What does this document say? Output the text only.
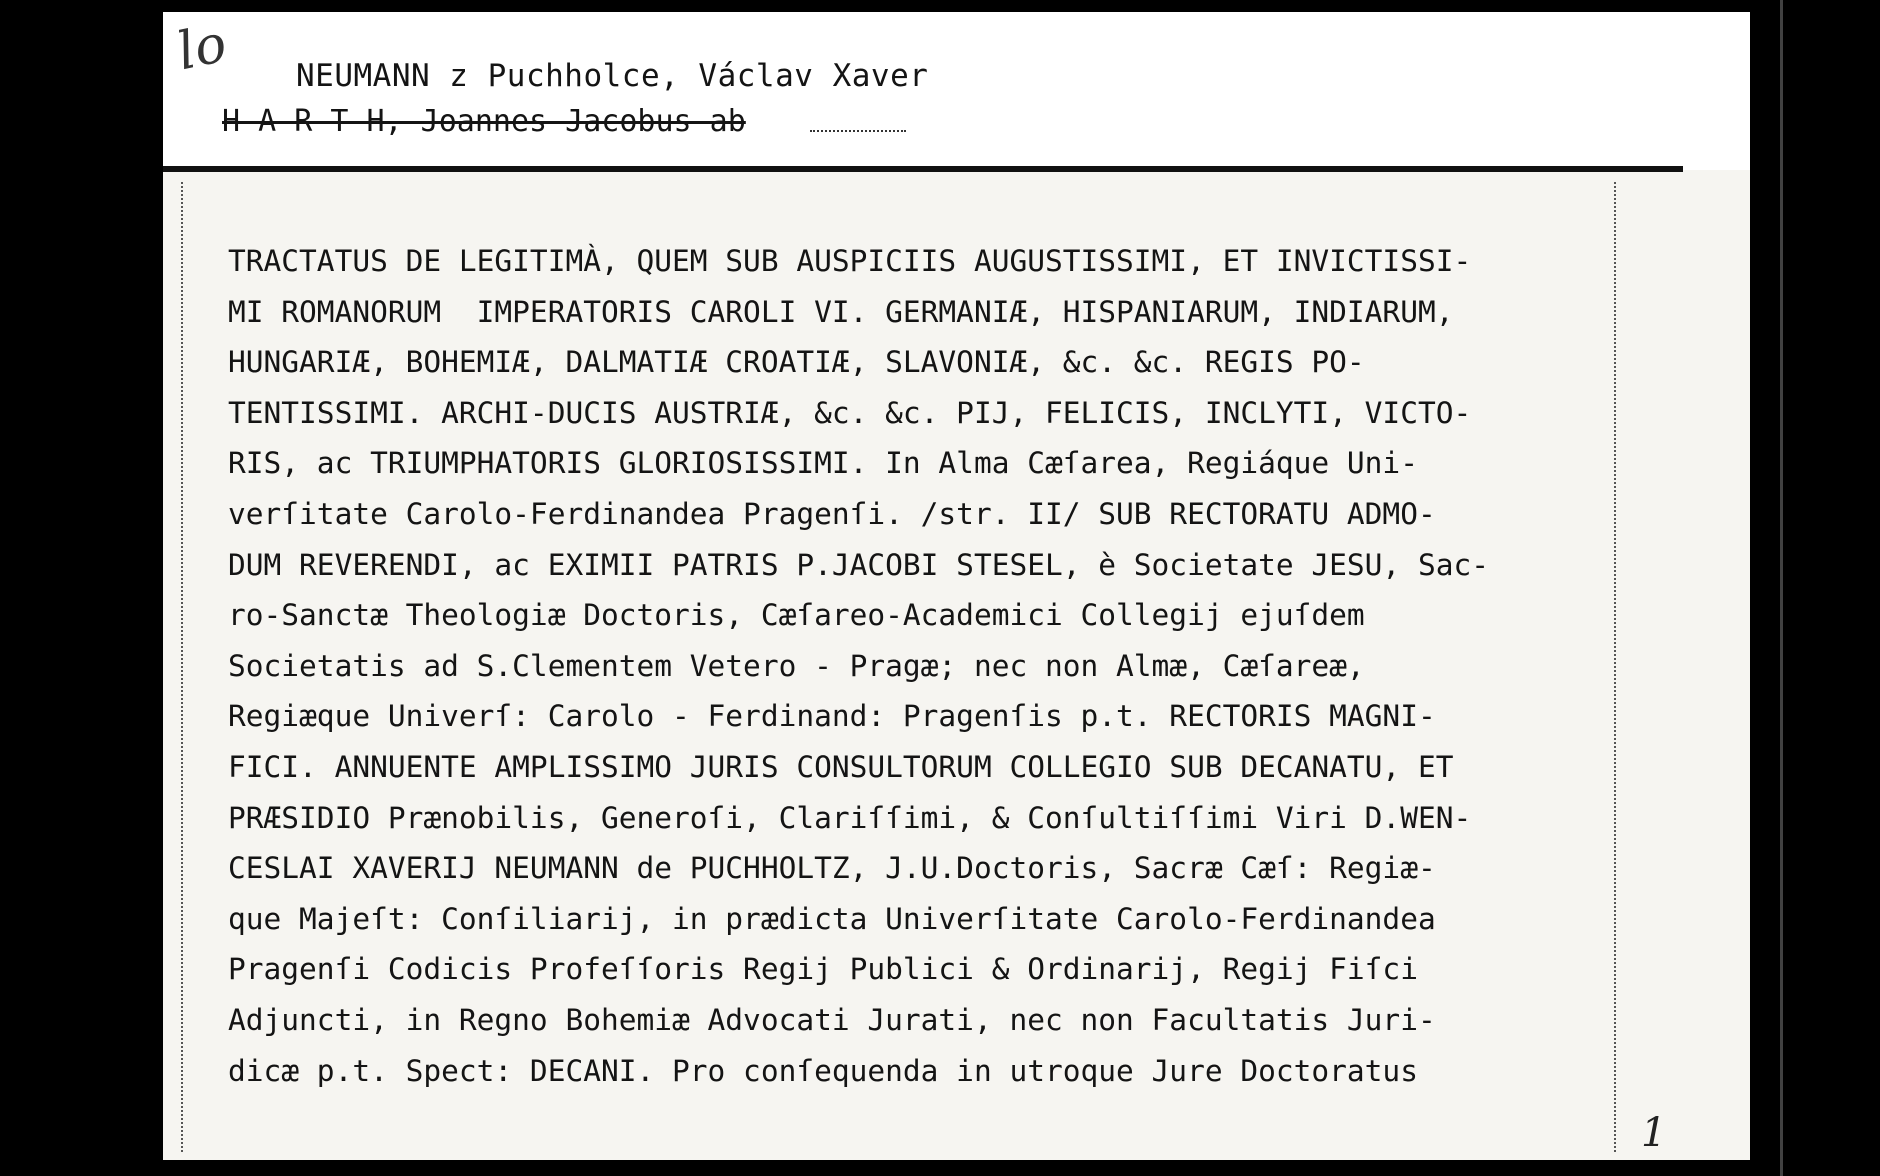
lo NEUMANN z Puchholce, Václav Xaver
H A R T H, Joannes Jacobus ab
TRACTATUS DE LEGITIMÀ, QUEM SUB AUSPICIIS AUGUSTISSIMI, ET INVICTISSI-
MI ROMANORUM  IMPERATORIS CAROLI VI. GERMANIÆ, HISPANIARUM, INDIARUM,
HUNGARIÆ, BOHEMIÆ, DALMATIÆ CROATIÆ, SLAVONIÆ, &c. &c. REGIS PO-
TENTISSIMI. ARCHI-DUCIS AUSTRIÆ, &c. &c. PIJ, FELICIS, INCLYTI, VICTO-
RIS, ac TRIUMPHATORIS GLORIOSISSIMI. In Alma Cæſarea, Regiáque Uni-
verſitate Carolo-Ferdinandea Pragenſi. /str. II/ SUB RECTORATU ADMO-
DUM REVERENDI, ac EXIMII PATRIS P.JACOBI STESEL, è Societate JESU, Sac-
ro-Sanctæ Theologiæ Doctoris, Cæſareo-Academici Collegij ejuſdem
Societatis ad S.Clementem Vetero - Pragæ; nec non Almæ, Cæſareæ,
Regiæque Univerſ: Carolo - Ferdinand: Pragenſis p.t. RECTORIS MAGNI-
FICI. ANNUENTE AMPLISSIMO JURIS CONSULTORUM COLLEGIO SUB DECANATU, ET
PRÆSIDIO Prænobilis, Generoſi, Clariſſimi, & Conſultiſſimi Viri D.WEN-
CESLAI XAVERIJ NEUMANN de PUCHHOLTZ, J.U.Doctoris, Sacræ Cæſ: Regiæ-
que Majeſt: Conſiliarij, in prædicta Univerſitate Carolo-Ferdinandea
Pragenſi Codicis Profeſſoris Regij Publici & Ordinarij, Regij Fiſci
Adjuncti, in Regno Bohemiæ Advocati Jurati, nec non Facultatis Juri-
dicæ p.t. Spect: DECANI. Pro conſequenda in utroque Jure Doctoratus
1
